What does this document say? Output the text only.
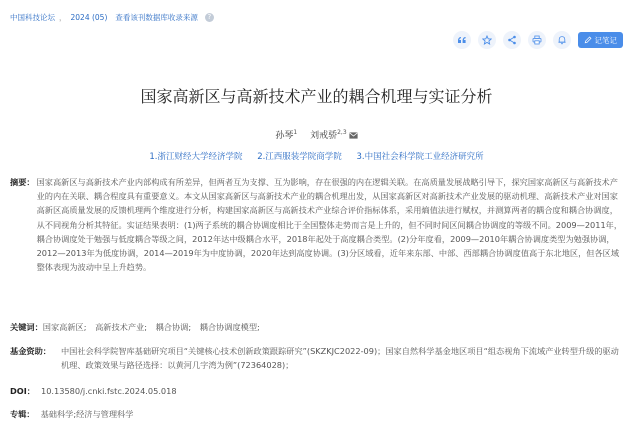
中国科技论坛 ， 2024 (05) 查看该刊数据库收录来源	?
记笔记
国家高新区与高新技术产业的耦合机理与实证分析
孙琴$^1$ 刘戒骄$^{2,3}$
1.浙江财经大学经济学院 2.江西服装学院商学院 3.中国社会科学院工业经济研究所
摘要： 国家高新区与高新技术产业内部构成有所差异，但两者互为支撑、互为影响，存在很强的内在逻辑关联。在高质量发展战略引导下，探究国家高新区与高新技术产业的内在关联、耦合程度具有重要意义。本文从国家高新区与高新技术产业的耦合机理出发，从国家高新区对高新技术产业发展的驱动机理、高新技术产业对国家高新区高质量发展的反馈机理两个维度进行分析，构建国家高新区与高新技术产业综合评价指标体系，采用熵值法进行赋权，并测算两者的耦合度和耦合协调度，从不同视角分析其特征。实证结果表明：(1)两子系统的耦合协调度相比于全国整体走势而言是上升的，但不同时间区间耦合协调度的等级不同。2009—2011年，耦合协调度处于勉强与低度耦合等级之间，2012年达中级耦合水平，2018年起处于高度耦合类型。(2)分年度看，2009—2010年耦合协调度类型为勉强协调，2012—2013年为低度协调，2014—2019年为中度协调，2020年达到高度协调。(3)分区域看，近年来东部、中部、西部耦合协调度值高于东北地区，但各区域整体表现为波动中呈上升趋势。
关键词： 国家高新区; 高新技术产业; 耦合协调; 耦合协调度模型;
基金资助： 中国社会科学院智库基础研究项目“关键核心技术创新政策跟踪研究”(SKZKJC2022-09)；国家自然科学基金地区项目“组态视角下流域产业转型升级的驱动机理、政策效果与路径选择：以黄河几字湾为例”(72364028)；
DOI： 10.13580/j.cnki.fstc.2024.05.018
专辑： 基础科学;经济与管理科学
